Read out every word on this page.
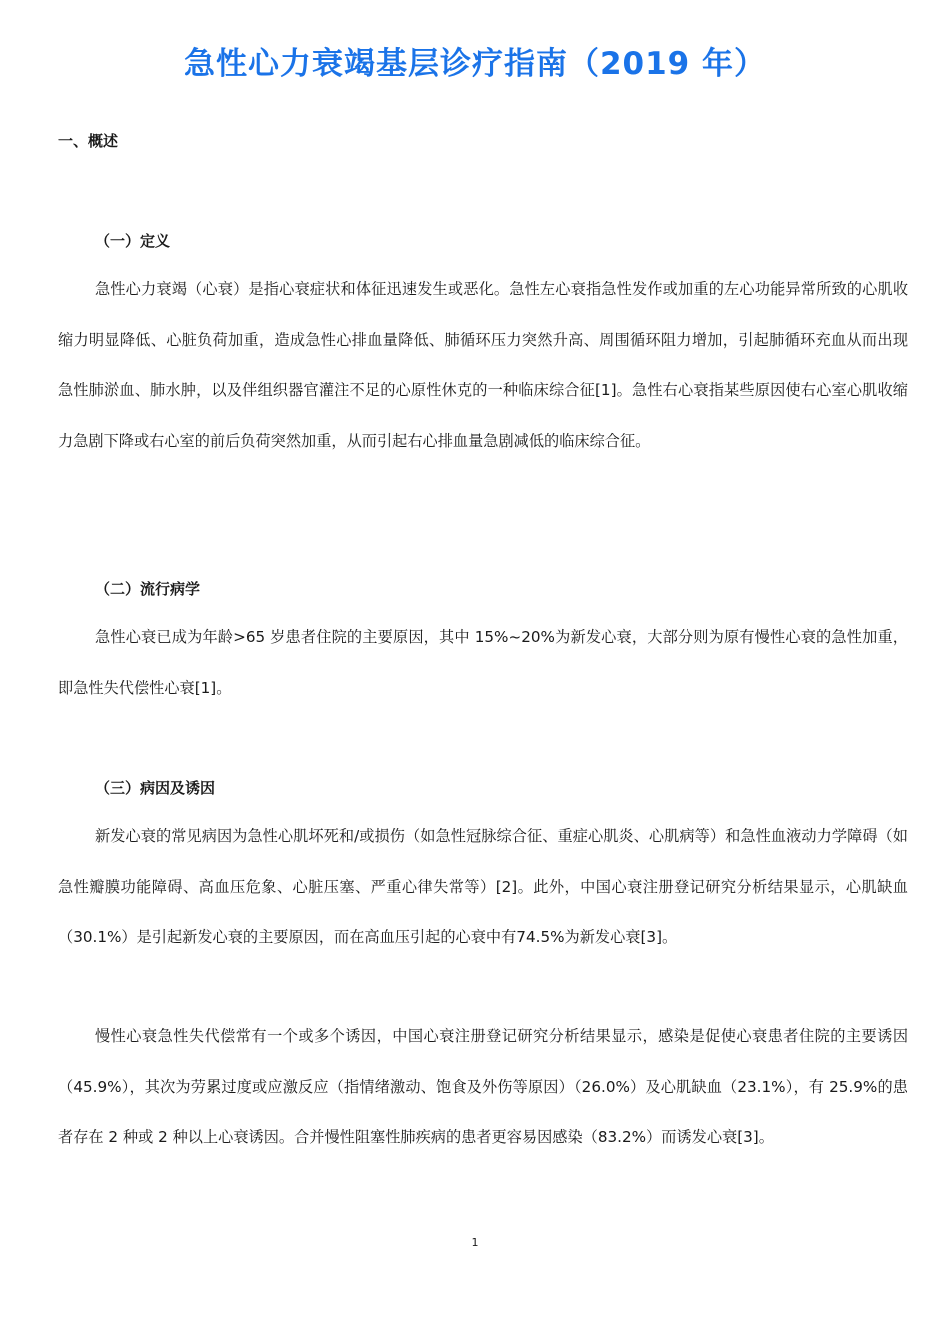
急性心力衰竭基层诊疗指南（2019 年）
一、概述
（一）定义

急性心力衰竭（心衰）是指心衰症状和体征迅速发生或恶化。急性左心衰指急性发作或加重的左心功能异常所致的心肌收缩力明显降低、心脏负荷加重，造成急性心排血量降低、肺循环压力突然升高、周围循环阻力增加，引起肺循环充血从而出现急性肺淤血、肺水肿，以及伴组织器官灌注不足的心原性休克的一种临床综合征[1]。急性右心衰指某些原因使右心室心肌收缩力急剧下降或右心室的前后负荷突然加重，从而引起右心排血量急剧减低的临床综合征。

（二）流行病学

急性心衰已成为年龄>65 岁患者住院的主要原因，其中 15%~20%为新发心衰，大部分则为原有慢性心衰的急性加重，即急性失代偿性心衰[1]。

（三）病因及诱因

新发心衰的常见病因为急性心肌坏死和/或损伤（如急性冠脉综合征、重症心肌炎、心肌病等）和急性血液动力学障碍（如急性瓣膜功能障碍、高血压危象、心脏压塞、严重心律失常等）[2]。此外，中国心衰注册登记研究分析结果显示，心肌缺血（30.1%）是引起新发心衰的主要原因，而在高血压引起的心衰中有74.5%为新发心衰[3]。

慢性心衰急性失代偿常有一个或多个诱因，中国心衰注册登记研究分析结果显示，感染是促使心衰患者住院的主要诱因（45.9%），其次为劳累过度或应激反应（指情绪激动、饱食及外伤等原因）（26.0%）及心肌缺血（23.1%），有 25.9%的患者存在 2 种或 2 种以上心衰诱因。合并慢性阻塞性肺疾病的患者更容易因感染（83.2%）而诱发心衰[3]。

1
